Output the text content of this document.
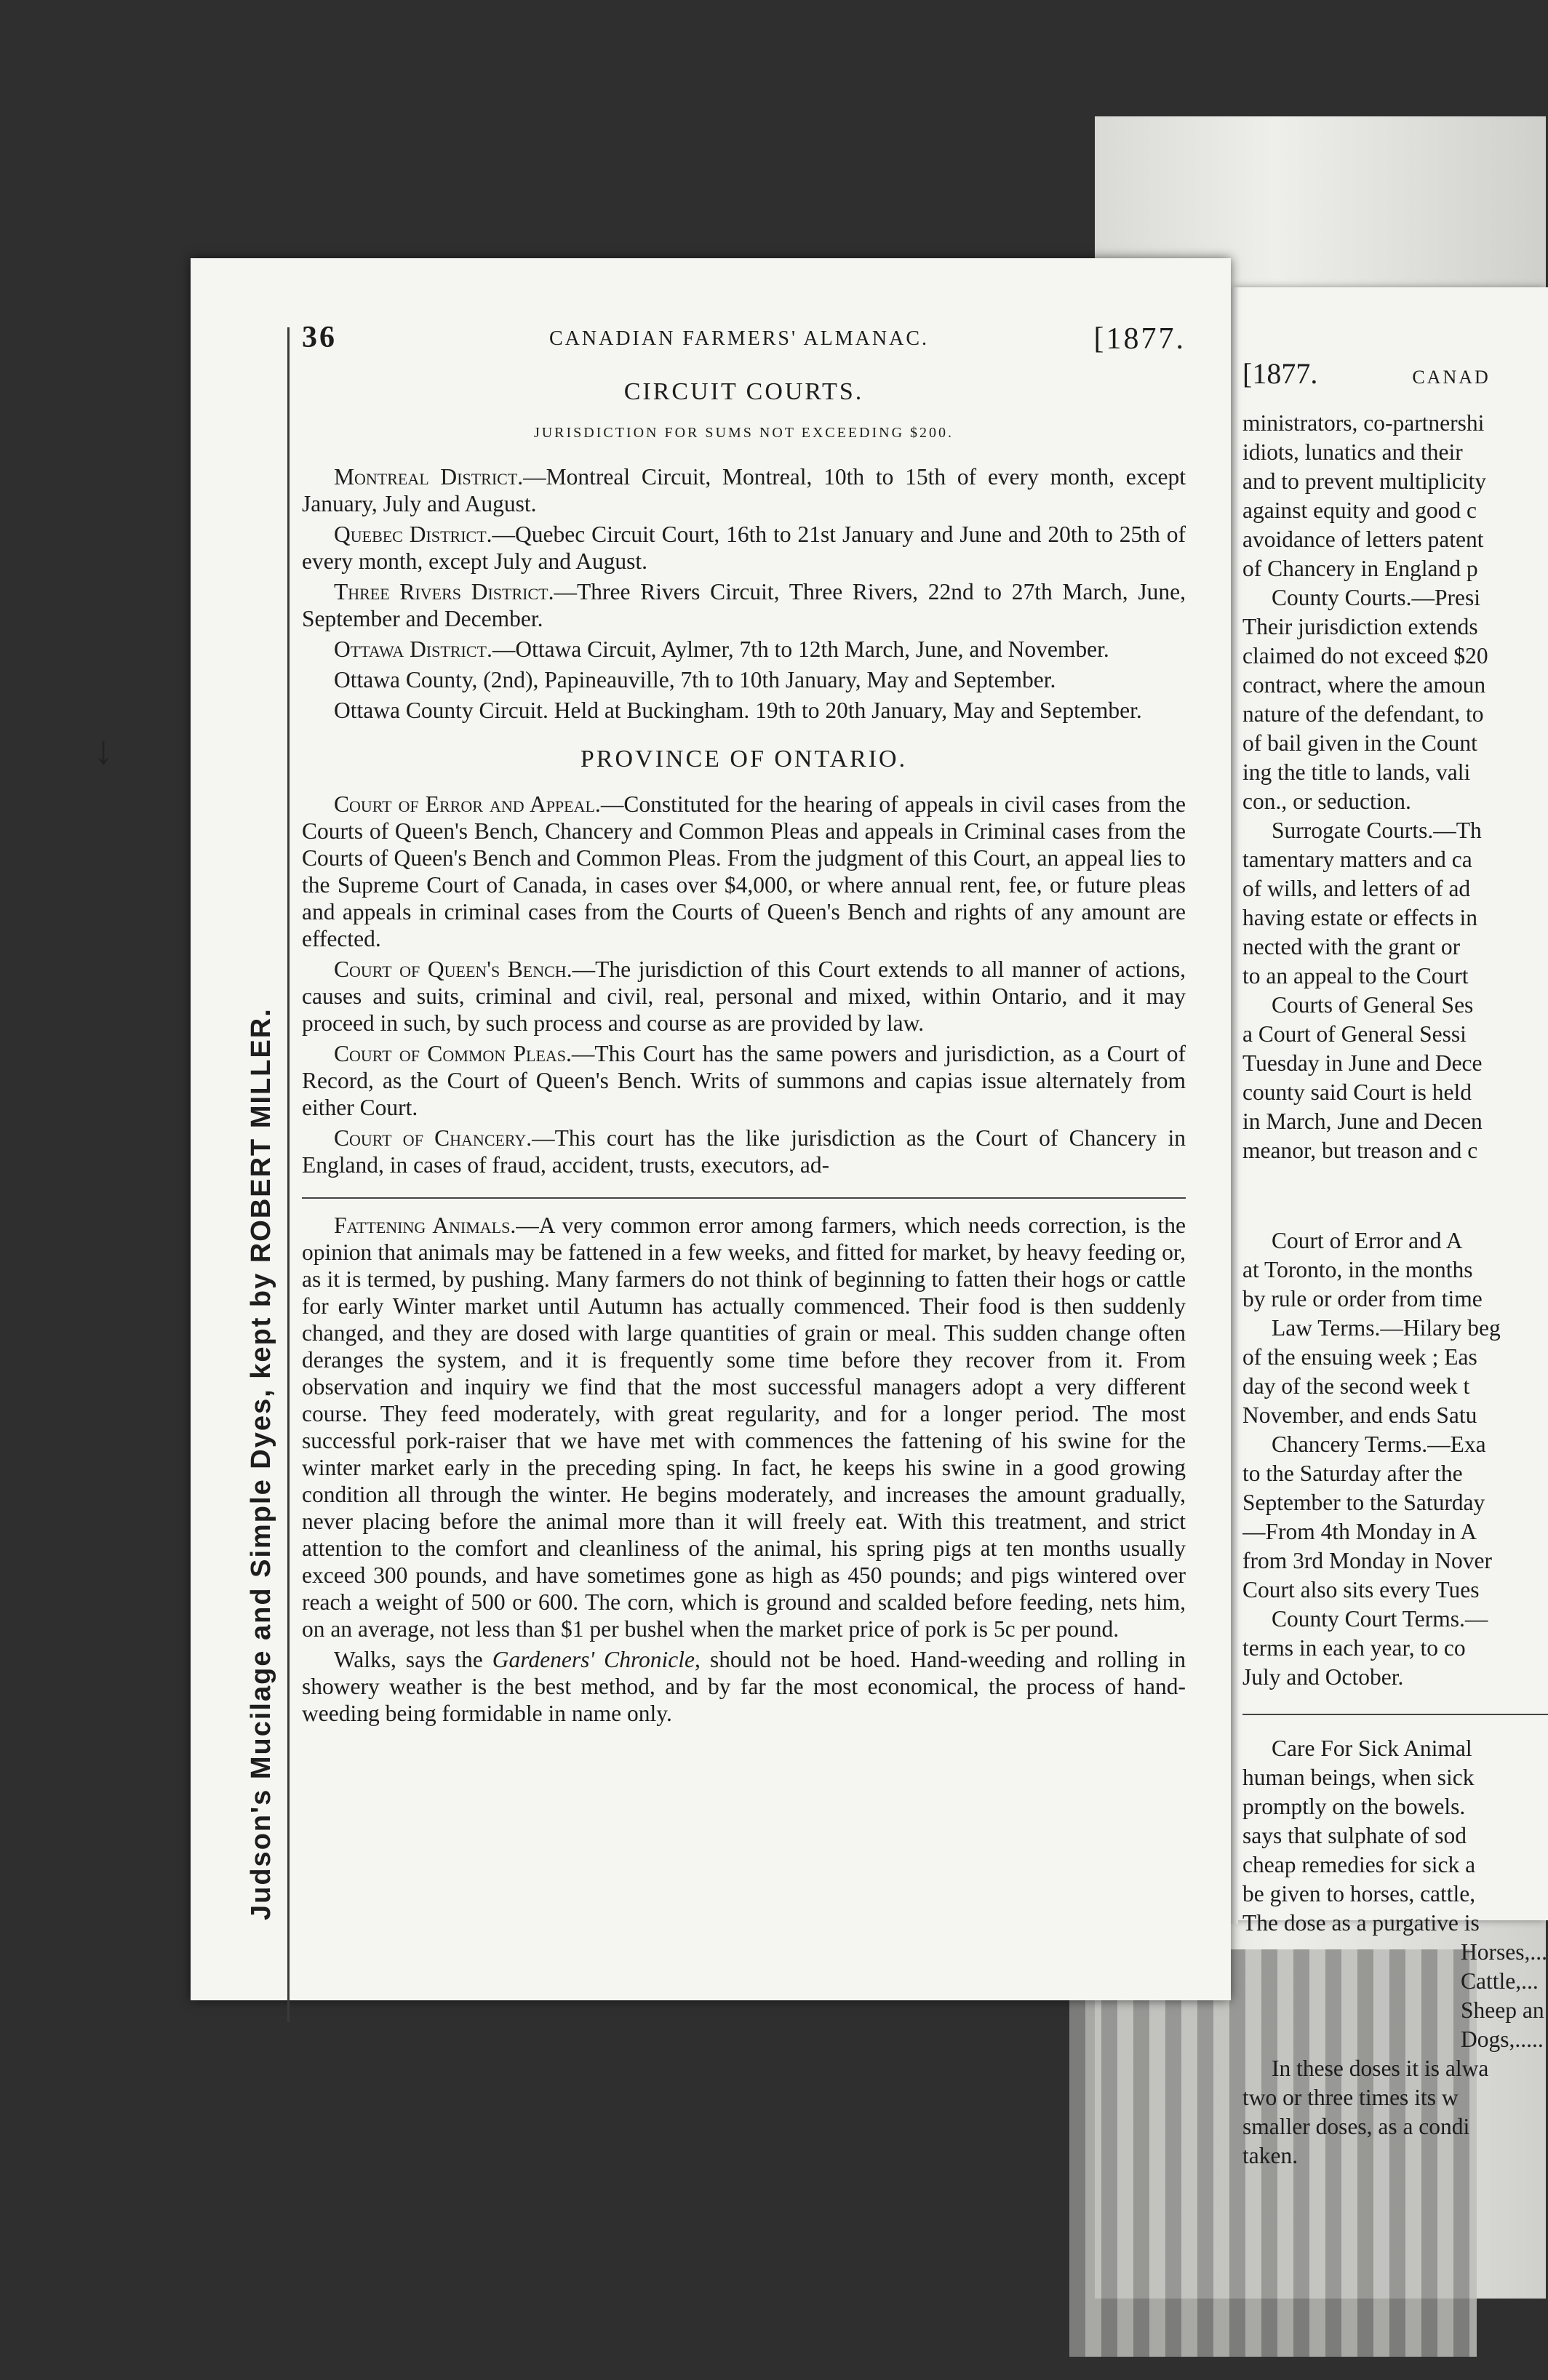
↓
Judson's Mucilage and Simple Dyes, kept by ROBERT MILLER.
36	CANADIAN FARMERS' ALMANAC.	[1877.
CIRCUIT COURTS.
JURISDICTION FOR SUMS NOT EXCEEDING $200.

Montreal District.—Montreal Circuit, Montreal, 10th to 15th of every month, except January, July and August.

Quebec District.—Quebec Circuit Court, 16th to 21st January and June and 20th to 25th of every month, except July and August.

Three Rivers District.—Three Rivers Circuit, Three Rivers, 22nd to 27th March, June, September and December.

Ottawa District.—Ottawa Circuit, Aylmer, 7th to 12th March, June, and November.

Ottawa County, (2nd), Papineauville, 7th to 10th January, May and September.

Ottawa County Circuit. Held at Buckingham. 19th to 20th January, May and September.

PROVINCE OF ONTARIO.

Court of Error and Appeal.—Constituted for the hearing of appeals in civil cases from the Courts of Queen's Bench, Chancery and Common Pleas and appeals in Criminal cases from the Courts of Queen's Bench and Common Pleas. From the judgment of this Court, an appeal lies to the Supreme Court of Canada, in cases over $4,000, or where annual rent, fee, or future pleas and appeals in criminal cases from the Courts of Queen's Bench and rights of any amount are effected.

Court of Queen's Bench.—The jurisdiction of this Court extends to all manner of actions, causes and suits, criminal and civil, real, personal and mixed, within Ontario, and it may proceed in such, by such process and course as are provided by law.

Court of Common Pleas.—This Court has the same powers and jurisdiction, as a Court of Record, as the Court of Queen's Bench. Writs of summons and capias issue alternately from either Court.

Court of Chancery.—This court has the like jurisdiction as the Court of Chancery in England, in cases of fraud, accident, trusts, executors, ad-

Fattening Animals.—A very common error among farmers, which needs correction, is the opinion that animals may be fattened in a few weeks, and fitted for market, by heavy feeding or, as it is termed, by pushing. Many farmers do not think of beginning to fatten their hogs or cattle for early Winter market until Autumn has actually commenced. Their food is then suddenly changed, and they are dosed with large quantities of grain or meal. This sudden change often deranges the system, and it is frequently some time before they recover from it. From observation and inquiry we find that the most successful managers adopt a very different course. They feed moderately, with great regularity, and for a longer period. The most successful pork-raiser that we have met with commences the fattening of his swine for the winter market early in the preceding sping. In fact, he keeps his swine in a good growing condition all through the winter. He begins moderately, and increases the amount gradually, never placing before the animal more than it will freely eat. With this treatment, and strict attention to the comfort and cleanliness of the animal, his spring pigs at ten months usually exceed 300 pounds, and have sometimes gone as high as 450 pounds; and pigs wintered over reach a weight of 500 or 600. The corn, which is ground and scalded before feeding, nets him, on an average, not less than $1 per bushel when the market price of pork is 5c per pound.

Walks, says the Gardeners' Chronicle, should not be hoed. Hand-weeding and rolling in showery weather is the best method, and by far the most economical, the process of hand-weeding being formidable in name only.

[1877.	CANAD
ministrators, co-partnershi
idiots, lunatics and their
and to prevent multiplicity
against equity and good c
avoidance of letters patent
of Chancery in England p
County Courts.—Presi
Their jurisdiction extends
claimed do not exceed $20
contract, where the amoun
nature of the defendant, to
of bail given in the Count
ing the title to lands, vali
con., or seduction.
Surrogate Courts.—Th
tamentary matters and ca
of wills, and letters of ad
having estate or effects in
nected with the grant or
to an appeal to the Court
Courts of General Ses
a Court of General Sessi
Tuesday in June and Dece
county said Court is held
in March, June and Decen
meanor, but treason and c
Court of Error and A
at Toronto, in the months
by rule or order from time
Law Terms.—Hilary beg
of the ensuing week ; Eas
day of the second week t
November, and ends Satu
Chancery Terms.—Exa
to the Saturday after the
September to the Saturday
—From 4th Monday in A
from 3rd Monday in Nover
Court also sits every Tues
County Court Terms.—
terms in each year, to co
July and October.
Care For Sick Animal
human beings, when sick
promptly on the bowels.
says that sulphate of sod
cheap remedies for sick a
be given to horses, cattle,
The dose as a purgative is
Horses,...
Cattle,...
Sheep an
Dogs,.....
In these doses it is alwa
two or three times its w
smaller doses, as a condi
taken.
